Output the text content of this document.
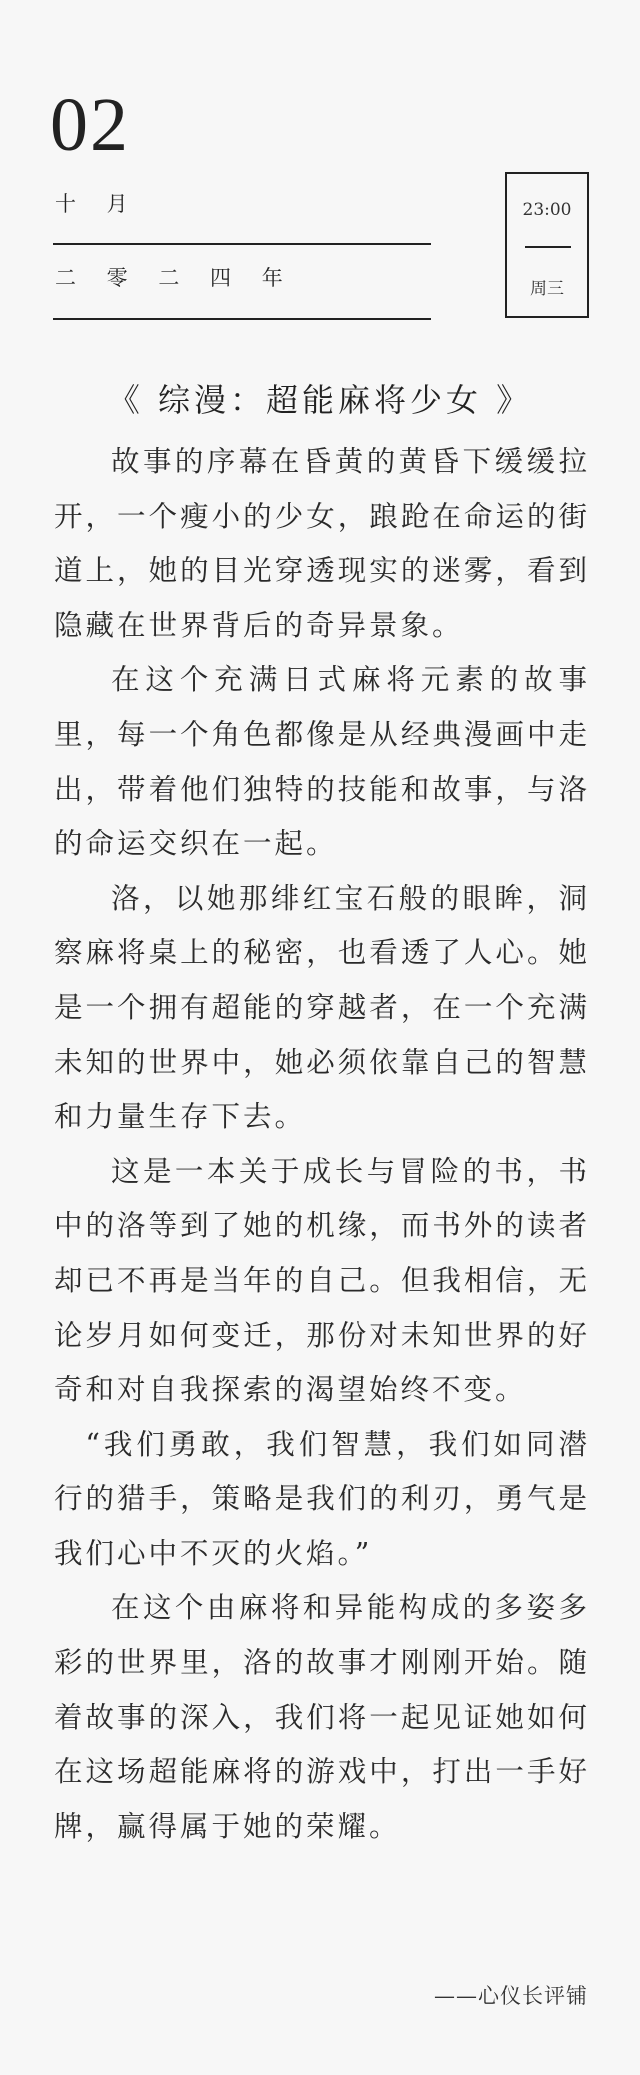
02
十 月
二 零 二 四 年
23:00
周三
《 综漫：超能麻将少女 》

故事的序幕在昏黄的黄昏下缓缓拉开，一个瘦小的少女，踉跄在命运的街道上，她的目光穿透现实的迷雾，看到隐藏在世界背后的奇异景象。

在这个充满日式麻将元素的故事里，每一个角色都像是从经典漫画中走出，带着他们独特的技能和故事，与洛的命运交织在一起。

洛，以她那绯红宝石般的眼眸，洞察麻将桌上的秘密，也看透了人心。她是一个拥有超能的穿越者，在一个充满未知的世界中，她必须依靠自己的智慧和力量生存下去。

这是一本关于成长与冒险的书，书中的洛等到了她的机缘，而书外的读者却已不再是当年的自己。但我相信，无论岁月如何变迁，那份对未知世界的好奇和对自我探索的渴望始终不变。

“我们勇敢，我们智慧，我们如同潜行的猎手，策略是我们的利刃，勇气是我们心中不灭的火焰。”

在这个由麻将和异能构成的多姿多彩的世界里，洛的故事才刚刚开始。随着故事的深入，我们将一起见证她如何在这场超能麻将的游戏中，打出一手好牌，赢得属于她的荣耀。

——心仪长评铺
